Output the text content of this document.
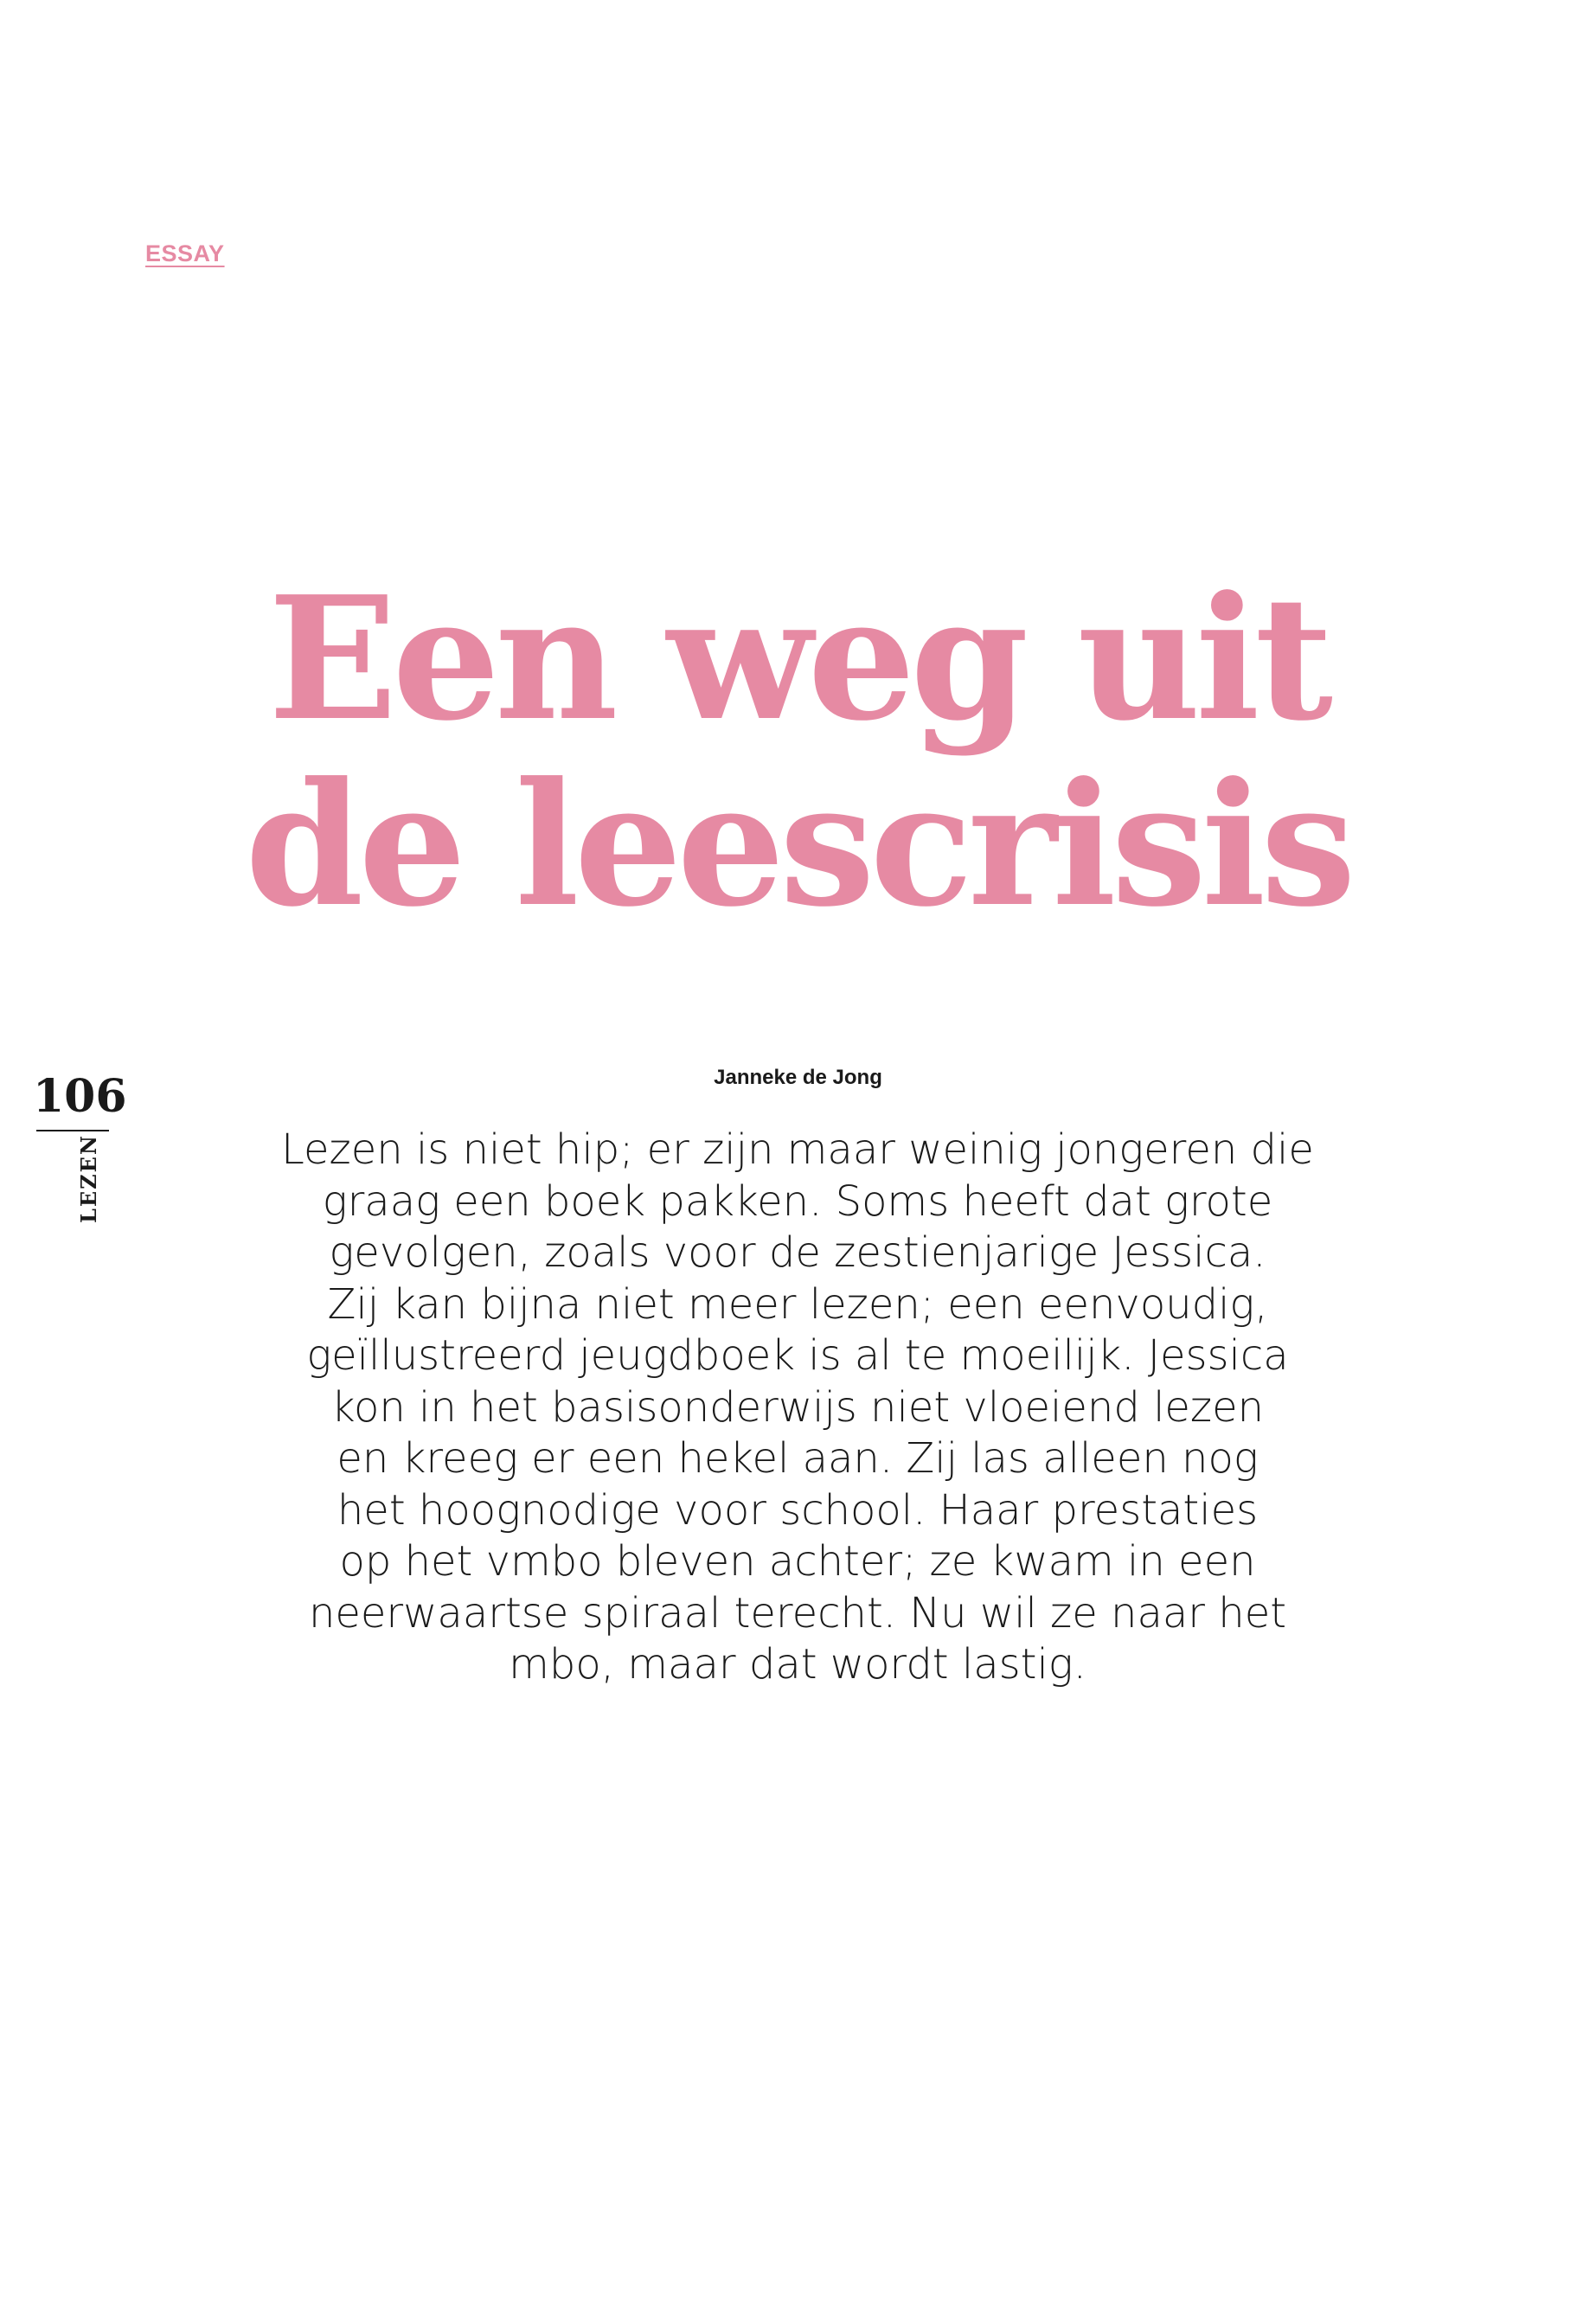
ESSAY
Een weg uit
de leescrisis
106
LEZEN
Janneke de Jong

Lezen is niet hip; er zijn maar weinig jongeren die
graag een boek pakken. Soms heeft dat grote
gevolgen, zoals voor de zestienjarige Jessica.
Zij kan bijna niet meer lezen; een eenvoudig,
geïllustreerd jeugdboek is al te moeilijk. Jessica
kon in het basisonderwijs niet vloeiend lezen
en kreeg er een hekel aan. Zij las alleen nog
het hoognodige voor school. Haar prestaties
op het vmbo bleven achter; ze kwam in een
neerwaartse spiraal terecht. Nu wil ze naar het
mbo, maar dat wordt lastig.
